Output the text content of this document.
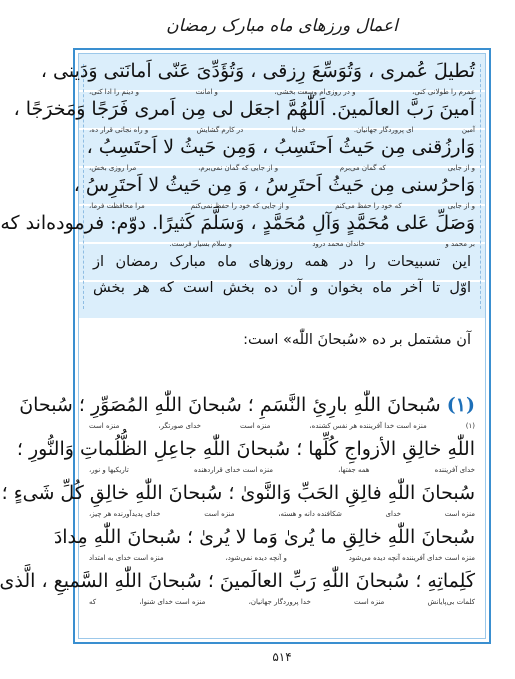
اعمال ورزهای ماه مبارک رمضان
تُطیلَ عُمری ، وَتُوَسِّعَ رِزقی ، وَتُؤَدِّیَ عَنّی اَمانَتی وَدَینی ،
عمرم را طولانی کنی،
و در روزی‌ام وسعت بخشی،
و امانت
و دینم را ادا کنی،
آمینَ رَبَّ العالَمینَ. اَللّٰهُمَّ اجعَل لی مِن اَمری فَرَجًا وَمَخرَجًا ،
آمین
ای پروردگار جهانیان.
خدایا
در کارم گشایش
و راه نجاتی قرار ده،
وَارزُقنی مِن حَیثُ اَحتَسِبُ ، وَمِن حَیثُ لا اَحتَسِبُ ،
و از جایی
که گمان می‌برم
و از جایی که گمان نمی‌برم،
مرا روزی بخش،
وَاحرُسنی مِن حَیثُ اَحتَرِسُ ، وَ مِن حَیثُ لا اَحتَرِسُ ،
و از جایی
که خود را حفظ می‌کنم
و از جایی که خود را حفظ نمی‌کنم
مرا محافظت فرما،
وَصَلِّ عَلی مُحَمَّدٍ وَآلِ مُحَمَّدٍ ، وَسَلَّمَ کَثیرًا. دوّم: فرموده‌اند که
بر محمد و
خاندان محمد درود
و سلام بسیار فرست.
این تسبیحات را در همه روزهای ماه مبارک رمضان از
اوّل تا آخر ماه بخوان و آن ده بخش است که هر بخش
آن مشتمل بر ده «سُبحانَ اللّٰه» است:
(۱) سُبحانَ اللّٰهِ بارِئِ النَّسَمِ ؛ سُبحانَ اللّٰهِ المُصَوِّرِ ؛ سُبحانَ
(۱)
منزه است خدا آفریننده هر نفس کشنده،
منزه است
خدای صورتگر،
منزه است
اللّٰهِ خالِقِ الأزواجِ کُلِّها ؛ سُبحانَ اللّٰهِ جاعِلِ الظُّلُماتِ وَالنُّورِ ؛
خدای آفریننده
همه جفتها،
منزه است خدای قراردهنده
تاریکیها و نور،
سُبحانَ اللّٰهِ فالِقِ الحَبِّ وَالنَّویٰ ؛ سُبحانَ اللّٰهِ خالِقِ کُلِّ شَیءٍ ؛
منزه است
خدای
شکافنده دانه و هسته،
منزه است
خدای پدیدآورنده هر چیز،
سُبحانَ اللّٰهِ خالِقِ ما یُریٰ وَما لا یُریٰ ؛ سُبحانَ اللّٰهِ مِدادَ
منزه است خدای آفریننده آنچه دیده می‌شود
و آنچه دیده نمی‌شود،
منزه است خدای به امتداد
کَلِماتِهِ ؛ سُبحانَ اللّٰهِ رَبِّ العالَمینَ ؛ سُبحانَ اللّٰهِ السَّمیعِ ، الَّذی
کلمات بی‌پایانش
منزه است
خدا پروردگار جهانیان،
منزه است خدای شنوا،
که
۵۱۴
